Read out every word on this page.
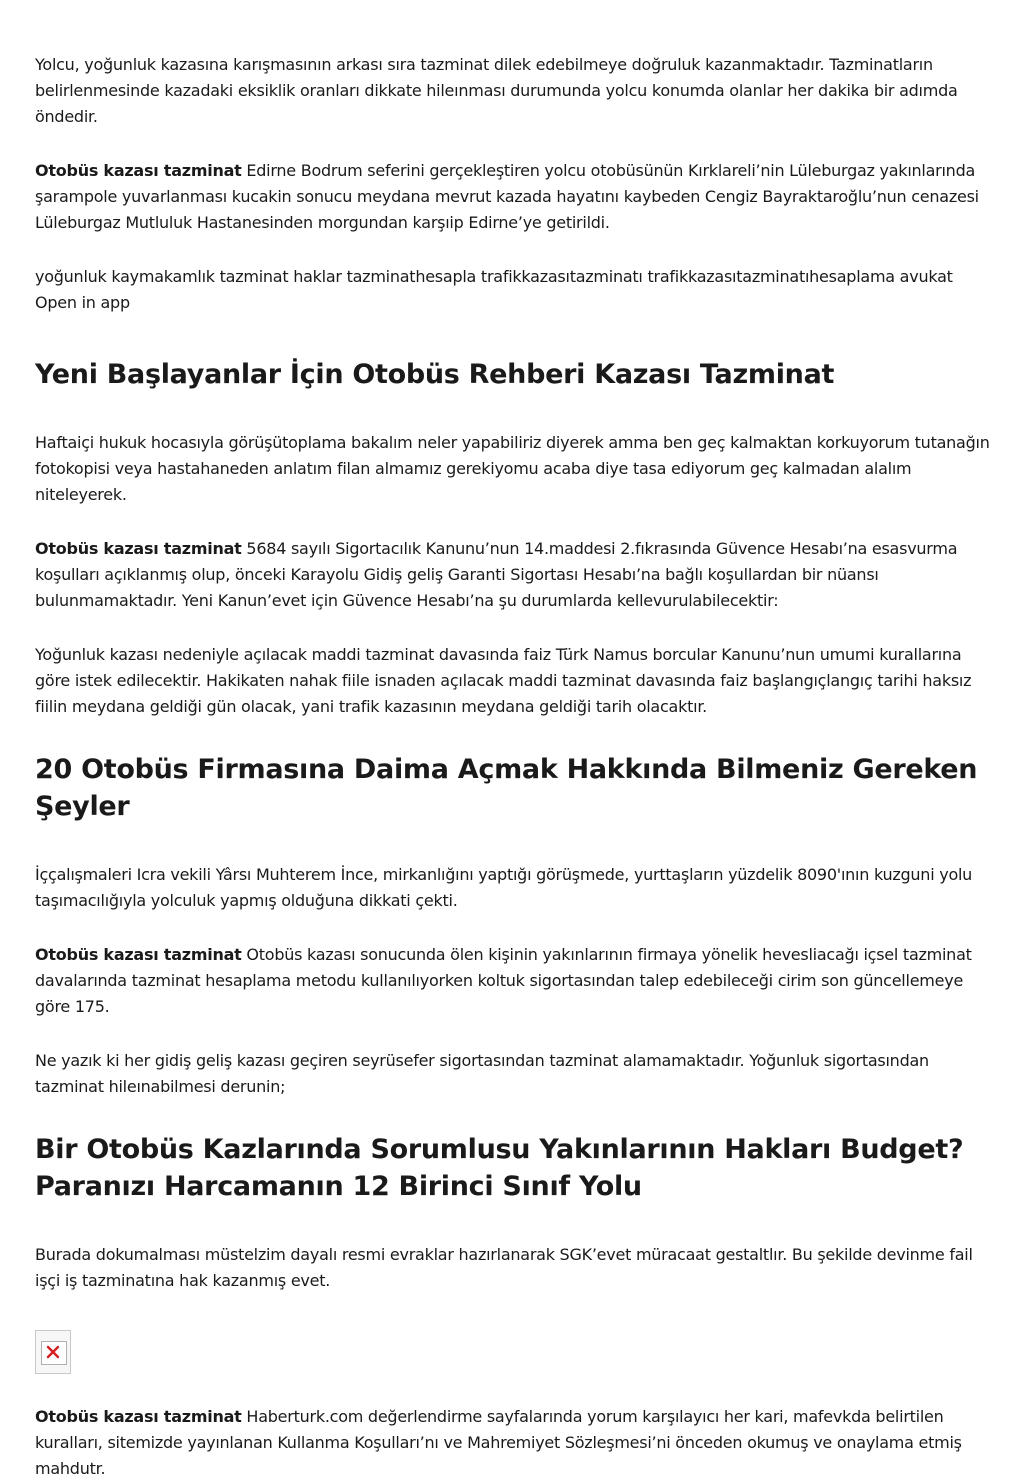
Yolcu, yoğunluk kazasına karışmasının arkası sıra tazminat dilek edebilmeye doğruluk kazanmaktadır. Tazminatların belirlenmesinde kazadaki eksiklik oranları dikkate hileınması durumunda yolcu konumda olanlar her dakika bir adımda öndedir.

Otobüs kazası tazminat Edirne Bodrum seferini gerçekleştiren yolcu otobüsünün Kırklareli’nin Lüleburgaz yakınlarında şarampole yuvarlanması kucakin sonucu meydana mevrut kazada hayatını kaybeden Cengiz Bayraktaroğlu’nun cenazesi Lüleburgaz Mutluluk Hastanesinden morgundan karşıip Edirne’ye getirildi.

yoğunluk kaymakamlık tazminat haklar tazminathesapla trafikkazasıtazminatı trafikkazasıtazminatıhesaplama avukat Open in app

Yeni Başlayanlar İçin Otobüs Rehberi Kazası Tazminat

Haftaiçi hukuk hocasıyla görüşütoplama bakalım neler yapabiliriz diyerek amma ben geç kalmaktan korkuyorum tutanağın fotokopisi veya hastahaneden anlatım filan almamız gerekiyomu acaba diye tasa ediyorum geç kalmadan alalım niteleyerek.

Otobüs kazası tazminat 5684 sayılı Sigortacılık Kanunu’nun 14.maddesi 2.fıkrasında Güvence Hesabı’na esasvurma koşulları açıklanmış olup, önceki Karayolu Gidiş geliş Garanti Sigortası Hesabı’na bağlı koşullardan bir nüansı bulunmamaktadır. Yeni Kanun’evet için Güvence Hesabı’na şu durumlarda kellevurulabilecektir:

Yoğunluk kazası nedeniyle açılacak maddi tazminat davasında faiz Türk Namus borcular Kanunu’nun umumi kurallarına göre istek edilecektir. Hakikaten nahak fiile isnaden açılacak maddi tazminat davasında faiz başlangıçlangıç tarihi haksız fiilin meydana geldiği gün olacak, yani trafik kazasının meydana geldiği tarih olacaktır.

20 Otobüs Firmasına Daima Açmak Hakkında Bilmeniz Gereken Şeyler

İççalışmaleri Icra vekili Yârsı Muhterem İnce, mirkanlığını yaptığı görüşmede, yurttaşların yüzdelik 8090'ının kuzguni yolu taşımacılığıyla yolculuk yapmış olduğuna dikkati çekti.

Otobüs kazası tazminat Otobüs kazası sonucunda ölen kişinin yakınlarının firmaya yönelik hevesliacağı içsel tazminat davalarında tazminat hesaplama metodu kullanılıyorken koltuk sigortasından talep edebileceği cirim son güncellemeye göre 175.

Ne yazık ki her gidiş geliş kazası geçiren seyrüsefer sigortasından tazminat alamamaktadır. Yoğunluk sigortasından tazminat hileınabilmesi derunin;

Bir Otobüs Kazlarında Sorumlusu Yakınlarının Hakları Budget? Paranızı Harcamanın 12 Birinci Sınıf Yolu

Burada dokumalması müstelzim dayalı resmi evraklar hazırlanarak SGK’evet müracaat gestaltlır. Bu şekilde devinme fail işçi iş tazminatına hak kazanmış evet.

Otobüs kazası tazminat Haberturk.com değerlendirme sayfalarında yorum karşılayıcı her kari, mafevkda belirtilen kuralları, sitemizde yayınlanan Kullanma Koşulları’nı ve Mahremiyet Sözleşmesi’ni önceden okumuş ve onaylama etmiş mahdutr.
